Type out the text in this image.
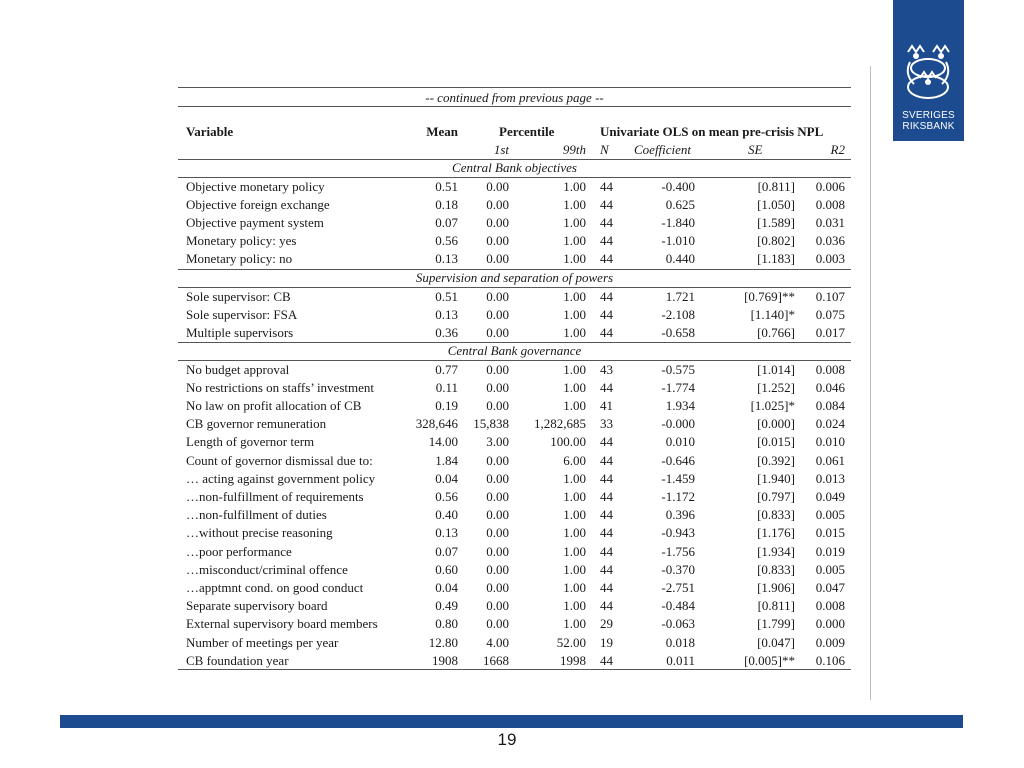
SVERIGES
RIKSBANK
-- continued from previous page --
Variable	Mean	Percentile	Univariate OLS on mean pre-crisis NPL
1st	99th N Coefficient	SE	R2
Central Bank objectives
Objective monetary policy	0.51 0.00	1.00 44	-0.400	[0.811] 0.006
Objective foreign exchange	0.18 0.00	1.00 44	0.625	[1.050] 0.008
Objective payment system	0.07 0.00	1.00 44	-1.840	[1.589] 0.031
Monetary policy: yes	0.56 0.00	1.00 44	-1.010	[0.802] 0.036
Monetary policy: no	0.13 0.00	1.00 44	0.440	[1.183] 0.003
Supervision and separation of powers
Sole supervisor: CB	0.51 0.00	1.00 44	1.721	[0.769]** 0.107
Sole supervisor: FSA	0.13 0.00	1.00 44	-2.108	[1.140]* 0.075
Multiple supervisors	0.36 0.00	1.00 44	-0.658	[0.766] 0.017
Central Bank governance
No budget approval	0.77 0.00	1.00 43	-0.575	[1.014] 0.008
No restrictions on staffs’ investment	0.11 0.00	1.00 44	-1.774	[1.252] 0.046
No law on profit allocation of CB	0.19 0.00	1.00 41	1.934	[1.025]* 0.084
CB governor remuneration	328,646 15,838 1,282,685 33	-0.000	[0.000] 0.024
Length of governor term	14.00 3.00	100.00 44	0.010	[0.015] 0.010
Count of governor dismissal due to:	1.84 0.00	6.00 44	-0.646	[0.392] 0.061
… acting against government policy	0.04 0.00	1.00 44	-1.459	[1.940] 0.013
…non-fulfillment of requirements	0.56 0.00	1.00 44	-1.172	[0.797] 0.049
…non-fulfillment of duties	0.40 0.00	1.00 44	0.396	[0.833] 0.005
…without precise reasoning	0.13 0.00	1.00 44	-0.943	[1.176] 0.015
…poor performance	0.07 0.00	1.00 44	-1.756	[1.934] 0.019
…misconduct/criminal offence	0.60 0.00	1.00 44	-0.370	[0.833] 0.005
…apptmnt cond. on good conduct	0.04 0.00	1.00 44	-2.751	[1.906] 0.047
Separate supervisory board	0.49 0.00	1.00 44	-0.484	[0.811] 0.008
External supervisory board members	0.80 0.00	1.00 29	-0.063	[1.799] 0.000
Number of meetings per year	12.80 4.00	52.00 19	0.018	[0.047] 0.009
CB foundation year	1908 1668	1998 44	0.011	[0.005]** 0.106
19
